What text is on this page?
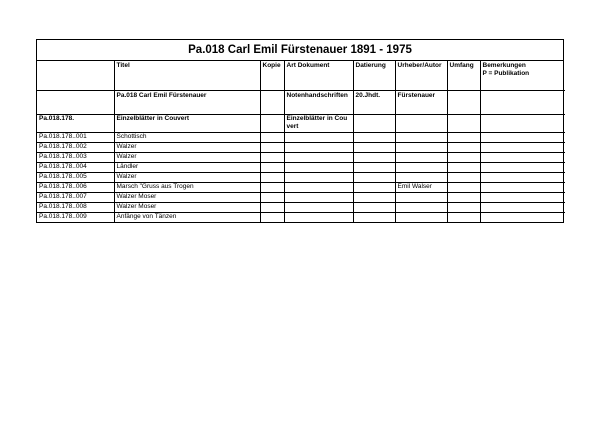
Pa.018 Carl Emil Fürstenauer 1891 - 1975
	Titel	Kopie	Art Dokument	Datierung	Urheber/Autor	Umfang	Bemerkungen
P = Publikation
	Pa.018 Carl Emil Fürstenauer		Notenhandschriften	20.Jhdt.	Fürstenauer		
Pa.018.178.	Einzelblätter in Couvert		Einzelblätter in Couvert				
Pa.018.178..001	Schottisch						
Pa.018.178..002	Walzer						
Pa.018.178..003	Walzer						
Pa.018.178..004	Ländler						
Pa.018.178..005	Walzer						
Pa.018.178..006	Marsch "Gruss aus Trogen				Emil Walser		
Pa.018.178..007	Walzer Moser						
Pa.018.178..008	Walzer Moser						
Pa.018.178..009	Anfänge von Tänzen						
